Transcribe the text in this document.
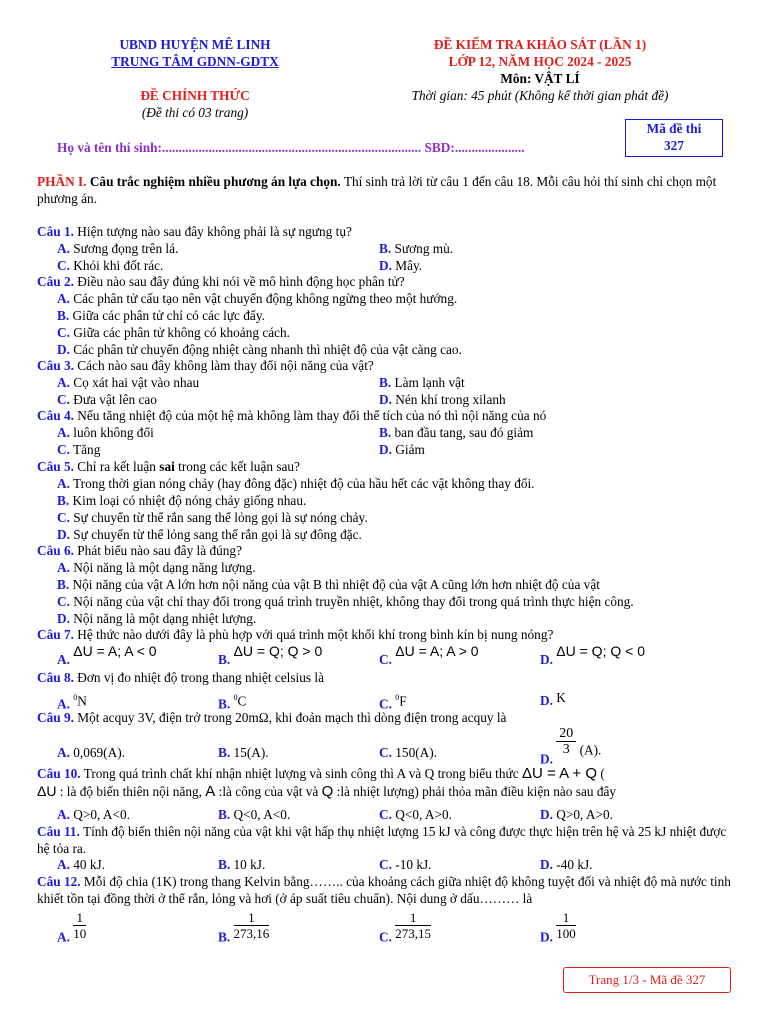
UBND HUYỆN MÊ LINH
TRUNG TÂM GDNN-GDTX
ĐỀ CHÍNH THỨC
(Đề thi có 03 trang)
ĐỀ KIỂM TRA KHẢO SÁT (LẦN 1)
LỚP 12, NĂM HỌC 2024 - 2025
Môn: VẬT LÍ
Thời gian: 45 phút (Không kể thời gian phát đề)
Họ và tên thí sinh:.............................................................................. SBD:.....................
Mã đề thi
327
PHẦN I. Câu trắc nghiệm nhiều phương án lựa chọn. Thí sinh trả lời từ câu 1 đến câu 18. Mỗi câu hỏi thí sinh chỉ chọn một phương án.
Câu 1. Hiện tượng nào sau đây không phải là sự ngưng tụ?
A. Sương đọng trên lá.	B. Sương mù.
C. Khói khi đốt rác.	D. Mây.
Câu 2. Điều nào sau đây đúng khi nói về mô hình động học phân tử?
A. Các phân tử cấu tạo nên vật chuyển động không ngừng theo một hướng.
B. Giữa các phân tử chỉ có các lực đẩy.
C. Giữa các phân tử không có khoảng cách.
D. Các phân tử chuyển động nhiệt càng nhanh thì nhiệt độ của vật càng cao.
Câu 3. Cách nào sau đây không làm thay đổi nội năng của vật?
A. Cọ xát hai vật vào nhau	B. Làm lạnh vật
C. Đưa vật lên cao	D. Nén khí trong xilanh
Câu 4. Nếu tăng nhiệt độ của một hệ mà không làm thay đổi thể tích của nó thì nội năng của nó
A. luôn không đổi	B. ban đầu tang, sau đó giảm
C. Tăng	D. Giảm
Câu 5. Chỉ ra kết luận sai trong các kết luận sau?
A. Trong thời gian nóng chảy (hay đông đặc) nhiệt độ của hầu hết các vật không thay đổi.
B. Kim loại có nhiệt độ nóng chảy giống nhau.
C. Sự chuyển từ thể rắn sang thể lỏng gọi là sự nóng chảy.
D. Sự chuyển từ thể lỏng sang thể rắn gọi là sự đông đặc.
Câu 6. Phát biểu nào sau đây là đúng?
A. Nội năng là một dạng năng lượng.
B. Nội năng của vật A lớn hơn nội năng của vật B thì nhiệt độ của vật A cũng lớn hơn nhiệt độ của vật
C. Nội năng của vật chỉ thay đổi trong quá trình truyền nhiệt, không thay đổi trong quá trình thực hiện công.
D. Nội năng là một dạng nhiệt lượng.
Câu 7. Hệ thức nào dưới đây là phù hợp với quá trình một khối khí trong bình kín bị nung nóng?
A. ΔU = A; A < 0
B. ΔU = Q; Q > 0
C. ΔU = A; A > 0
D. ΔU = Q; Q < 0
Câu 8. Đơn vị đo nhiệt độ trong thang nhiệt celsius là
A. $^0$N	B. $^0$C	C. $^0$F	D. K
Câu 9. Một acquy 3V, điện trở trong 20mΩ, khi đoản mạch thì dòng điện trong acquy là
A. 0,069(A).	B. 15(A).	C. 150(A).	D.
$\frac{20}{3} (A)$.
Câu 10. Trong quá trình chất khí nhận nhiệt lượng và sinh công thì A và Q trong biểu thức ΔU = A + Q (
ΔU : là độ biến thiên nội năng, A :là công của vật và Q :là nhiệt lượng) phải thỏa mãn điều kiện nào sau đây
A. Q>0, A<0.	B. Q<0, A<0.	C. Q<0, A>0.	D. Q>0, A>0.
Câu 11. Tính độ biến thiên nội năng của vật khi vật hấp thụ nhiệt lượng 15 kJ và công được thực hiện trên hệ và 25 kJ nhiệt được hệ tỏa ra.
A. 40 kJ.	B. 10 kJ.	C. -10 kJ.	D. -40 kJ.
Câu 12. Mỗi độ chia (1K) trong thang Kelvin bằng…….. của khoảng cách giữa nhiệt độ không tuyệt đối và nhiệt độ mà nước tinh khiết tồn tại đồng thời ở thể rắn, lỏng và hơi (ở áp suất tiêu chuẩn). Nội dung ở dấu……… là
A. $\frac{1}{10}$	B. $\frac{1}{273,16}$	C. $\frac{1}{273,15}$	D. $\frac{1}{100}$
Trang 1/3 - Mã đề 327
